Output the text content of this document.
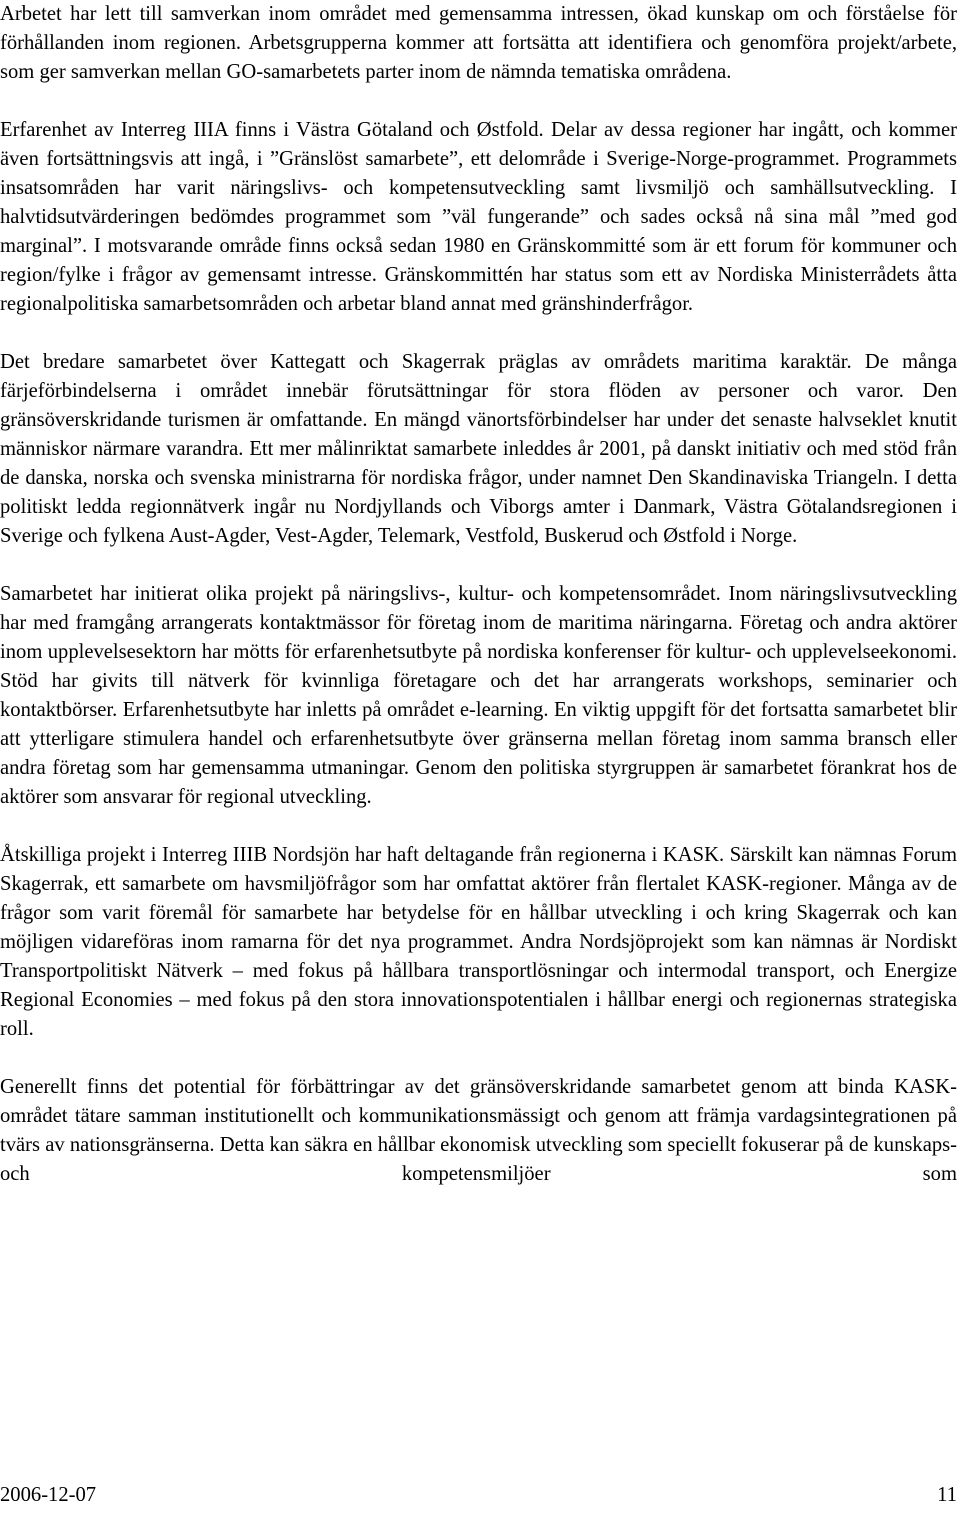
Arbetet har lett till samverkan inom området med gemensamma intressen, ökad kunskap om och förståelse för förhållanden inom regionen. Arbetsgrupperna kommer att fortsätta att identifiera och genomföra projekt/arbete, som ger samverkan mellan GO-samarbetets parter inom de nämnda tematiska områdena.

Erfarenhet av Interreg IIIA finns i Västra Götaland och Østfold. Delar av dessa regioner har ingått, och kommer även fortsättningsvis att ingå, i ”Gränslöst samarbete”, ett delområde i Sverige-Norge-programmet. Programmets insatsområden har varit näringslivs- och kompetensutveckling samt livsmiljö och samhällsutveckling. I halvtidsutvärderingen bedömdes programmet som ”väl fungerande” och sades också nå sina mål ”med god marginal”. I motsvarande område finns också sedan 1980 en Gränskommitté som är ett forum för kommuner och region/fylke i frågor av gemensamt intresse. Gränskommittén har status som ett av Nordiska Ministerrådets åtta regionalpolitiska samarbetsområden och arbetar bland annat med gränshinderfrågor.

Det bredare samarbetet över Kattegatt och Skagerrak präglas av områdets maritima karaktär. De många färjeförbindelserna i området innebär förutsättningar för stora flöden av personer och varor. Den gränsöverskridande turismen är omfattande. En mängd vänortsförbindelser har under det senaste halvseklet knutit människor närmare varandra. Ett mer målinriktat samarbete inleddes år 2001, på danskt initiativ och med stöd från de danska, norska och svenska ministrarna för nordiska frågor, under namnet Den Skandinaviska Triangeln. I detta politiskt ledda regionnätverk ingår nu Nordjyllands och Viborgs amter i Danmark, Västra Götalandsregionen i Sverige och fylkena Aust-Agder, Vest-Agder, Telemark, Vestfold, Buskerud och Østfold i Norge.

Samarbetet har initierat olika projekt på näringslivs-, kultur- och kompetensområdet. Inom näringslivsutveckling har med framgång arrangerats kontaktmässor för företag inom de maritima näringarna. Företag och andra aktörer inom upplevelsesektorn har mötts för erfarenhetsutbyte på nordiska konferenser för kultur- och upplevelseekonomi. Stöd har givits till nätverk för kvinnliga företagare och det har arrangerats workshops, seminarier och kontaktbörser. Erfarenhetsutbyte har inletts på området e-learning. En viktig uppgift för det fortsatta samarbetet blir att ytterligare stimulera handel och erfarenhetsutbyte över gränserna mellan företag inom samma bransch eller andra företag som har gemensamma utmaningar. Genom den politiska styrgruppen är samarbetet förankrat hos de aktörer som ansvarar för regional utveckling.

Åtskilliga projekt i Interreg IIIB Nordsjön har haft deltagande från regionerna i KASK. Särskilt kan nämnas Forum Skagerrak, ett samarbete om havsmiljöfrågor som har omfattat aktörer från flertalet KASK-regioner. Många av de frågor som varit föremål för samarbete har betydelse för en hållbar utveckling i och kring Skagerrak och kan möjligen vidareföras inom ramarna för det nya programmet. Andra Nordsjöprojekt som kan nämnas är Nordiskt Transportpolitiskt Nätverk – med fokus på hållbara transportlösningar och intermodal transport, och Energize Regional Economies – med fokus på den stora innovationspotentialen i hållbar energi och regionernas strategiska roll.

Generellt finns det potential för förbättringar av det gränsöverskridande samarbetet genom att binda KASK-området tätare samman institutionellt och kommunikationsmässigt och genom att främja vardagsintegrationen på tvärs av nationsgränserna. Detta kan säkra en hållbar ekonomisk utveckling som speciellt fokuserar på de kunskaps- och kompetensmiljöer som

2006-12-07	11
